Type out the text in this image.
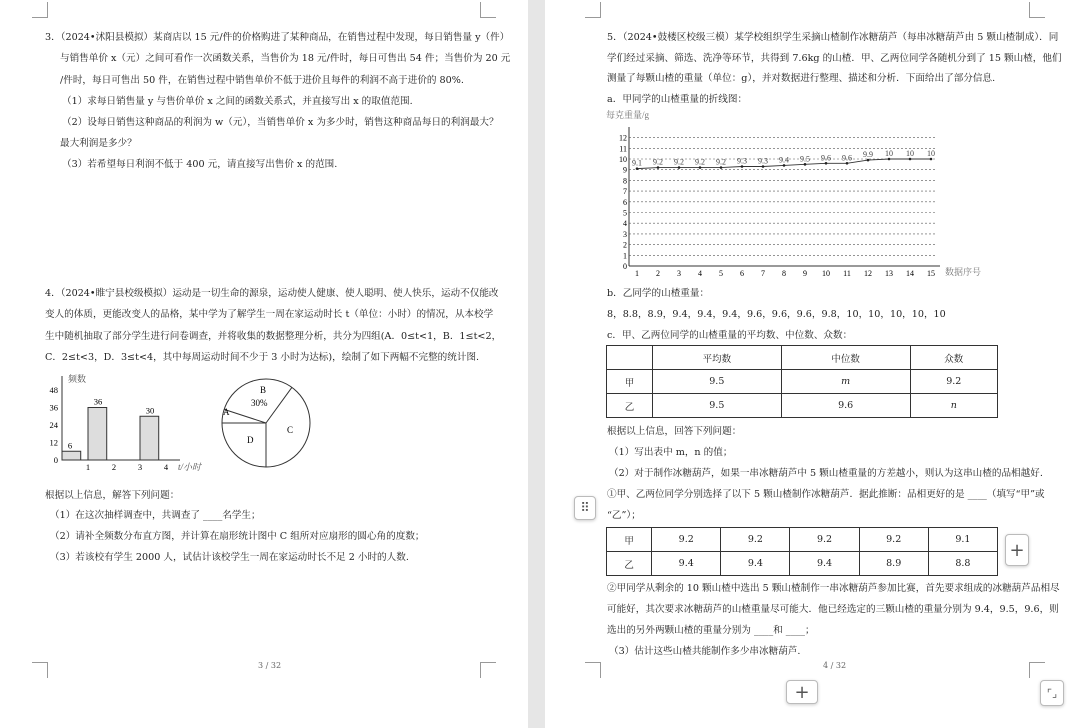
3．（2024•沭阳县模拟）某商店以 15 元/件的价格购进了某种商品，在销售过程中发现，每日销售量 y（件）
与销售单价 x（元）之间可看作一次函数关系，当售价为 18 元/件时，每日可售出 54 件；当售价为 20 元
/件时，每日可售出 50 件，在销售过程中销售单价不低于进价且每件的利润不高于进价的 80%.
（1）求每日销售量 y 与售价单价 x 之间的函数关系式，并直接写出 x 的取值范围.
（2）设每日销售这种商品的利润为 w（元），当销售单价 x 为多少时，销售这种商品每日的利润最大？
最大利润是多少？
（3）若希望每日利润不低于 400 元，请直接写出售价 x 的范围.
4．（2024•睢宁县校级模拟）运动是一切生命的源泉，运动使人健康、使人聪明、使人快乐，运动不仅能改
变人的体质，更能改变人的品格，某中学为了解学生一周在家运动时长 t（单位：小时）的情况，从本校学
生中随机抽取了部分学生进行问卷调查，并将收集的数据整理分析，共分为四组(A．0≤t<1，B．1≤t<2，
C．2≤t<3，D．3≤t<4，其中每周运动时间不少于 3 小时为达标)，绘制了如下两幅不完整的统计图.
频数
t/小时
0
12
24
36
48
1	2	3	4
6
36
30	A
B
C
D
30%
根据以上信息，解答下列问题：
（1）在这次抽样调查中，共调查了 ____名学生；
（2）请补全频数分布直方图，并计算在扇形统计图中 C 组所对应扇形的圆心角的度数；
（3）若该校有学生 2000 人，试估计该校学生一周在家运动时长不足 2 小时的人数.
3 / 32
5．（2024•鼓楼区校级三模）某学校组织学生采摘山楂制作冰糖葫芦（每串冰糖葫芦由 5 颗山楂制成）．同
学们经过采摘、筛选、洗净等环节，共得到 7.6kg 的山楂．甲、乙两位同学各随机分到了 15 颗山楂，他们
测量了每颗山楂的重量（单位：g），并对数据进行整理、描述和分析．下面给出了部分信息.
a．甲同学的山楂重量的折线图：
b．乙同学的山楂重量：
8，8.8，8.9，9.4，9.4，9.4，9.6，9.6，9.6，9.8，10，10，10，10，10
c．甲、乙两位同学的山楂重量的平均数、中位数、众数：
根据以上信息，回答下列问题：
（1）写出表中 m，n 的值；
（2）对于制作冰糖葫芦，如果一串冰糖葫芦中 5 颗山楂重量的方差越小，则认为这串山楂的品相越好.
①甲、乙两位同学分别选择了以下 5 颗山楂制作冰糖葫芦．据此推断：品相更好的是 ____（填写“甲”或
“乙”）；
②甲同学从剩余的 10 颗山楂中选出 5 颗山楂制作一串冰糖葫芦参加比赛，首先要求组成的冰糖葫芦品相尽
可能好，其次要求冰糖葫芦的山楂重量尽可能大．他已经选定的三颗山楂的重量分别为 9.4，9.5，9.6，则
选出的另外两颗山楂的重量分别为 ____和 ____；
（3）估计这些山楂共能制作多少串冰糖葫芦.
每克重量/g
数据序号
0
1
2
3
4
5
6
7
8
9
10
11
12
1 2 3 4 5 6 7 8 9 10 11 12 13 14 15
9.1 9.2 9.2 9.2 9.2 9.3 9.3 9.4 9.5 9.6 9.6 9.9 10 10 10
	平均数	中位数	众数
甲	9.5	m	9.2
乙	9.5	9.6	n
甲	9.2	9.2	9.2	9.2	9.1
乙	9.4	9.4	9.4	8.9	8.8
4 / 32
⠿
+
+	⌜⌟
